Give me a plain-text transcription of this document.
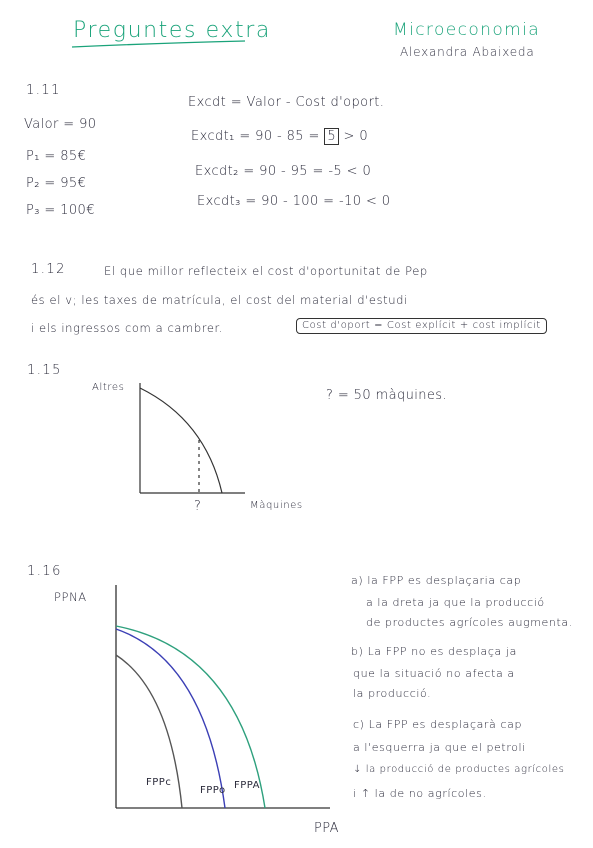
Preguntes extra	Microeconomia
Alexandra Abaixeda
1.11
Valor = 90
P₁ = 85€
P₂ = 95€
P₃ = 100€
Excdt = Valor - Cost d'oport.
Excdt₁ = 90 - 85 = 5 > 0
Excdt₂ = 90 - 95 = -5 < 0
Excdt₃ = 90 - 100 = -10 < 0
1.12	El que millor reflecteix el cost d'oportunitat de Pep
és el v; les taxes de matrícula, el cost del material d'estudi
i els ingressos com a cambrer.	Cost d'oport = Cost explícit + cost implícit
1.15
Altres
Màquines
?
? = 50 màquines.
1.16
PPNA
PPA
FPPc
FPPo FPPA
a) la FPP es desplaçaria cap
a la dreta ja que la producció
de productes agrícoles augmenta.
b) La FPP no es desplaça ja
que la situació no afecta a
la producció.
c) La FPP es desplaçarà cap
a l'esquerra ja que el petroli
↓ la producció de productes agrícoles
i ↑ la de no agrícoles.
